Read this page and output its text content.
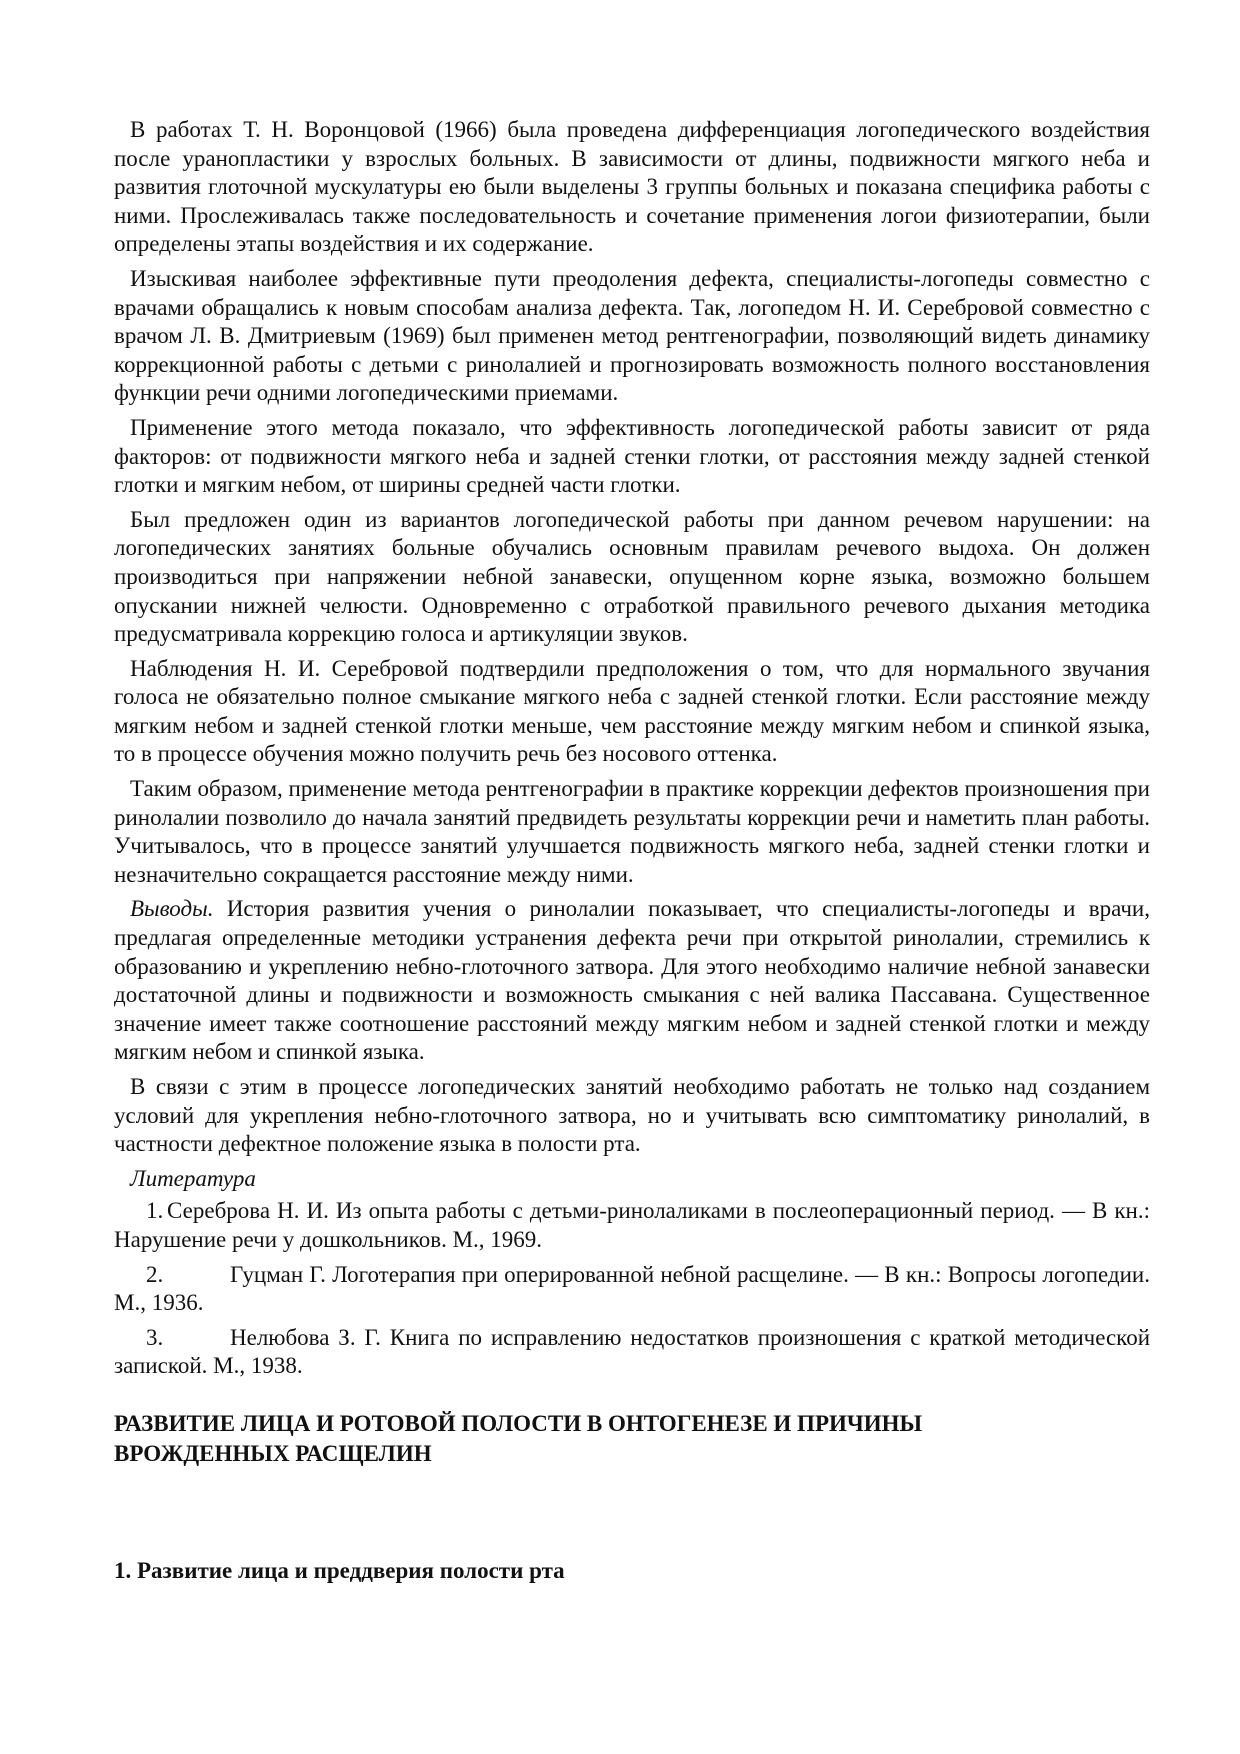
В работах Т. Н. Воронцовой (1966) была проведена дифференциация логопедического воздействия после уранопластики у взрослых больных. В зависимости от длины, подвижности мягкого неба и развития глоточной мускулатуры ею были выделены 3 группы больных и показана специфика работы с ними. Прослеживалась также последовательность и сочетание применения логои физиотерапии, были определены этапы воздействия и их содержание.

Изыскивая наиболее эффективные пути преодоления дефекта, специалисты-логопеды совместно с врачами обращались к новым способам анализа дефекта. Так, логопедом Н. И. Серебровой совместно с врачом Л. В. Дмитриевым (1969) был применен метод рентгенографии, позволяющий видеть динамику коррекционной работы с детьми с ринолалией и прогнозировать возможность полного восстановления функции речи одними логопедическими приемами.

Применение этого метода показало, что эффективность логопедической работы зависит от ряда факторов: от подвижности мягкого неба и задней стенки глотки, от расстояния между задней стенкой глотки и мягким небом, от ширины средней части глотки.

Был предложен один из вариантов логопедической работы при данном речевом нарушении: на логопедических занятиях больные обучались основным правилам речевого выдоха. Он должен производиться при напряжении небной занавески, опущенном корне языка, возможно большем опускании нижней челюсти. Одновременно с отработкой правильного речевого дыхания методика предусматривала коррекцию голоса и артикуляции звуков.

Наблюдения Н. И. Серебровой подтвердили предположения о том, что для нормального звучания голоса не обязательно полное смыкание мягкого неба с задней стенкой глотки. Если расстояние между мягким небом и задней стенкой глотки меньше, чем расстояние между мягким небом и спинкой языка, то в процессе обучения можно получить речь без носового оттенка.

Таким образом, применение метода рентгенографии в практике коррекции дефектов произношения при ринолалии позволило до начала занятий предвидеть результаты коррекции речи и наметить план работы. Учитывалось, что в процессе занятий улучшается подвижность мягкого неба, задней стенки глотки и незначительно сокращается расстояние между ними.

Выводы. История развития учения о ринолалии показывает, что специалисты-логопеды и врачи, предлагая определенные методики устранения дефекта речи при открытой ринолалии, стремились к образованию и укреплению небно-глоточного затвора. Для этого необходимо наличие небной занавески достаточной длины и подвижности и возможность смыкания с ней валика Пассавана. Существенное значение имеет также соотношение расстояний между мягким небом и задней стенкой глотки и между мягким небом и спинкой языка.

В связи с этим в процессе логопедических занятий необходимо работать не только над созданием условий для укрепления небно-глоточного затвора, но и учитывать всю симптоматику ринолалий, в частности дефектное положение языка в полости рта.

Литература

1. Сереброва Н. И. Из опыта работы с детьми-ринолаликами в послеоперационный период. — В кн.: Нарушение речи у дошкольников. М., 1969.

2.	Гуцман Г. Логотерапия при оперированной небной расщелине. — В кн.: Вопросы логопедии. М., 1936.

3.	Нелюбова З. Г. Книга по исправлению недостатков произношения с краткой методической запиской. М., 1938.

РАЗВИТИЕ ЛИЦА И РОТОВОЙ ПОЛОСТИ В ОНТОГЕНЕЗЕ И ПРИЧИНЫ
ВРОЖДЕННЫХ РАСЩЕЛИН
1. Развитие лица и преддверия полости рта
